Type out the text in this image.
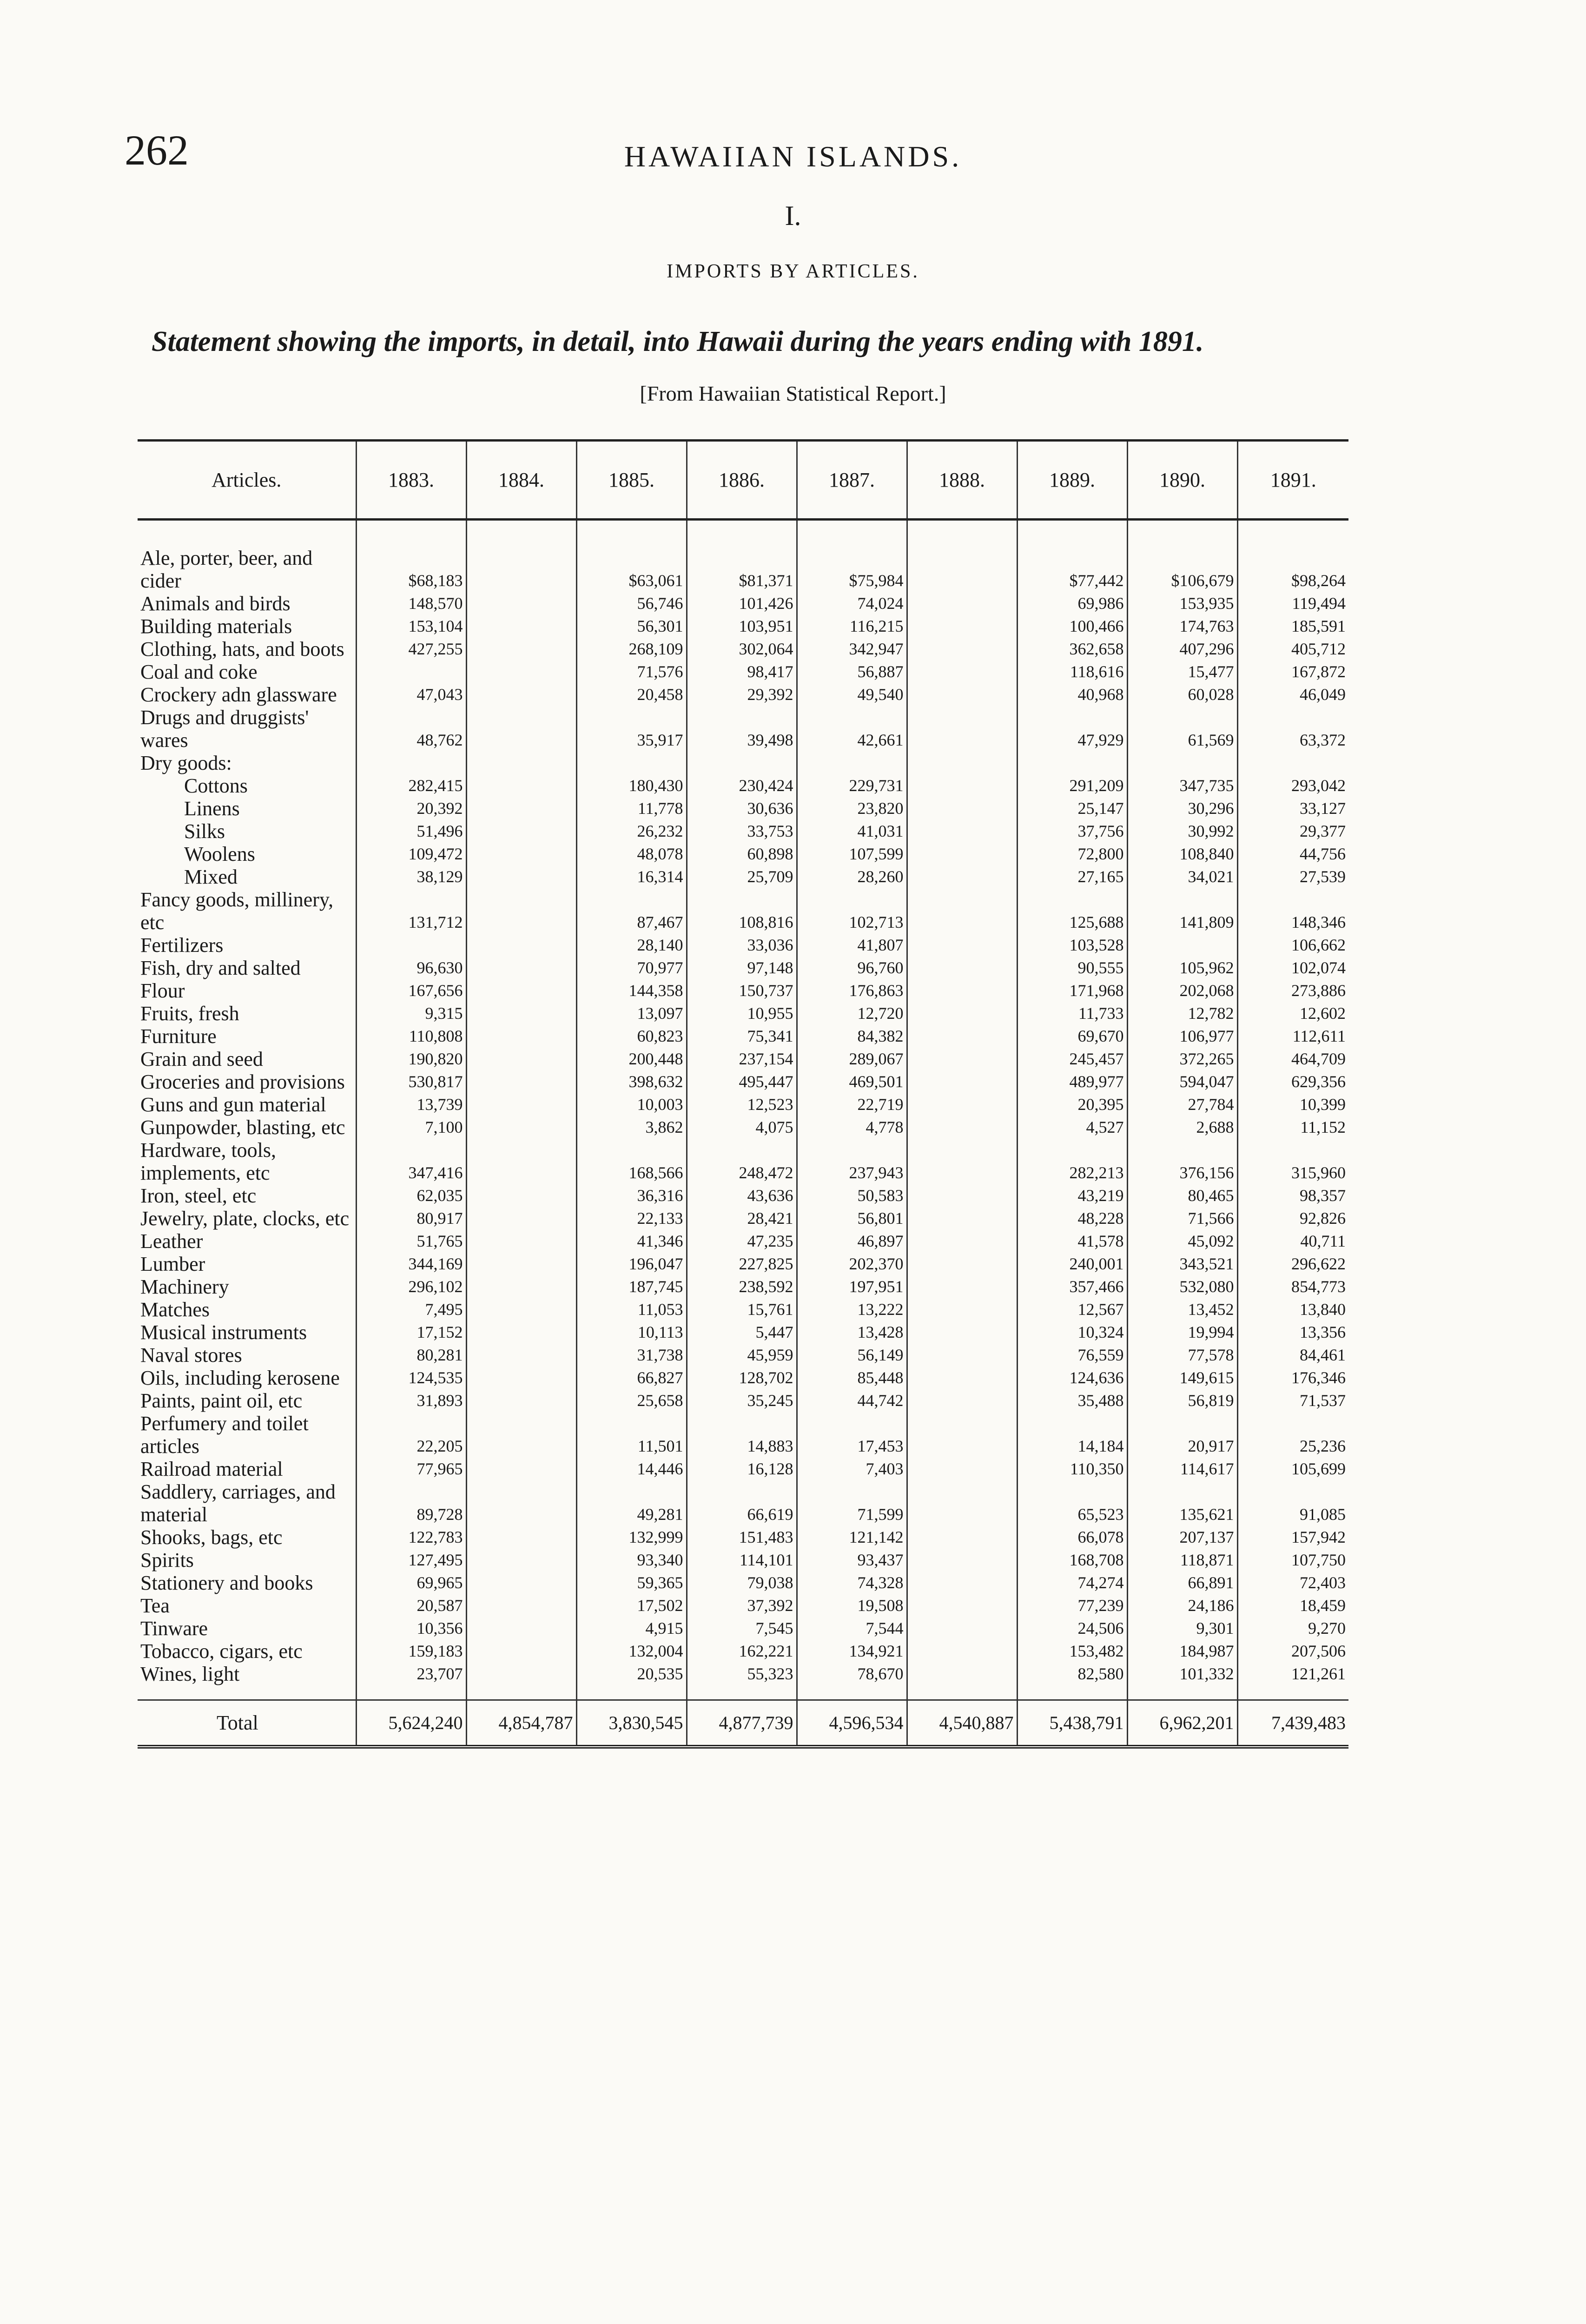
262	HAWAIIAN ISLANDS.
I.
IMPORTS BY ARTICLES.
Statement showing the imports, in detail, into Hawaii during the years ending with 1891.
[From Hawaiian Statistical Report.]
Articles.	1883.	1884.	1885.	1886.	1887.	1888.	1889.	1890.	1891.
Ale, porter, beer, and cider	$68,183		$63,061	$81,371	$75,984		$77,442	$106,679	$98,264
Animals and birds	148,570		56,746	101,426	74,024		69,986	153,935	119,494
Building materials	153,104		56,301	103,951	116,215		100,466	174,763	185,591
Clothing, hats, and boots	427,255		268,109	302,064	342,947		362,658	407,296	405,712
Coal and coke			71,576	98,417	56,887		118,616	15,477	167,872
Crockery adn glassware	47,043		20,458	29,392	49,540		40,968	60,028	46,049
Drugs and druggists' wares	48,762		35,917	39,498	42,661		47,929	61,569	63,372
Dry goods:									
Cottons	282,415		180,430	230,424	229,731		291,209	347,735	293,042
Linens	20,392		11,778	30,636	23,820		25,147	30,296	33,127
Silks	51,496		26,232	33,753	41,031		37,756	30,992	29,377
Woolens	109,472		48,078	60,898	107,599		72,800	108,840	44,756
Mixed	38,129		16,314	25,709	28,260		27,165	34,021	27,539
Fancy goods, millinery, etc	131,712		87,467	108,816	102,713		125,688	141,809	148,346
Fertilizers			28,140	33,036	41,807		103,528		106,662
Fish, dry and salted	96,630		70,977	97,148	96,760		90,555	105,962	102,074
Flour	167,656		144,358	150,737	176,863		171,968	202,068	273,886
Fruits, fresh	9,315		13,097	10,955	12,720		11,733	12,782	12,602
Furniture	110,808		60,823	75,341	84,382		69,670	106,977	112,611
Grain and seed	190,820		200,448	237,154	289,067		245,457	372,265	464,709
Groceries and provisions	530,817		398,632	495,447	469,501		489,977	594,047	629,356
Guns and gun material	13,739		10,003	12,523	22,719		20,395	27,784	10,399
Gunpowder, blasting, etc	7,100		3,862	4,075	4,778		4,527	2,688	11,152
Hardware, tools, implements, etc	347,416		168,566	248,472	237,943		282,213	376,156	315,960
Iron, steel, etc	62,035		36,316	43,636	50,583		43,219	80,465	98,357
Jewelry, plate, clocks, etc	80,917		22,133	28,421	56,801		48,228	71,566	92,826
Leather	51,765		41,346	47,235	46,897		41,578	45,092	40,711
Lumber	344,169		196,047	227,825	202,370		240,001	343,521	296,622
Machinery	296,102		187,745	238,592	197,951		357,466	532,080	854,773
Matches	7,495		11,053	15,761	13,222		12,567	13,452	13,840
Musical instruments	17,152		10,113	5,447	13,428		10,324	19,994	13,356
Naval stores	80,281		31,738	45,959	56,149		76,559	77,578	84,461
Oils, including kerosene	124,535		66,827	128,702	85,448		124,636	149,615	176,346
Paints, paint oil, etc	31,893		25,658	35,245	44,742		35,488	56,819	71,537
Perfumery and toilet articles	22,205		11,501	14,883	17,453		14,184	20,917	25,236
Railroad material	77,965		14,446	16,128	7,403		110,350	114,617	105,699
Saddlery, carriages, and material	89,728		49,281	66,619	71,599		65,523	135,621	91,085
Shooks, bags, etc	122,783		132,999	151,483	121,142		66,078	207,137	157,942
Spirits	127,495		93,340	114,101	93,437		168,708	118,871	107,750
Stationery and books	69,965		59,365	79,038	74,328		74,274	66,891	72,403
Tea	20,587		17,502	37,392	19,508		77,239	24,186	18,459
Tinware	10,356		4,915	7,545	7,544		24,506	9,301	9,270
Tobacco, cigars, etc	159,183		132,004	162,221	134,921		153,482	184,987	207,506
Wines, light	23,707		20,535	55,323	78,670		82,580	101,332	121,261
Total	5,624,240	4,854,787	3,830,545	4,877,739	4,596,534	4,540,887	5,438,791	6,962,201	7,439,483
